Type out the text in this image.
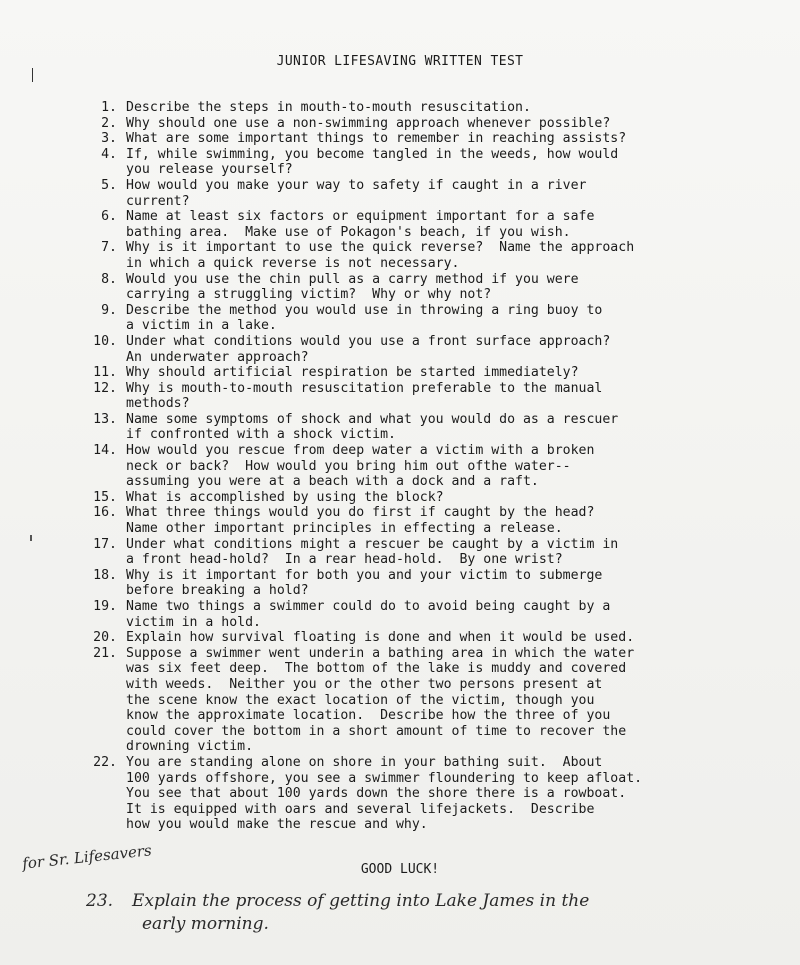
JUNIOR LIFESAVING WRITTEN TEST
1. Describe the steps in mouth-to-mouth resuscitation.
2. Why should one use a non-swimming approach whenever possible?
3. What are some important things to remember in reaching assists?
4. If, while swimming, you become tangled in the weeds, how would
you release yourself?
5. How would you make your way to safety if caught in a river
current?
6. Name at least six factors or equipment important for a safe
bathing area.  Make use of Pokagon's beach, if you wish.
7. Why is it important to use the quick reverse?  Name the approach
in which a quick reverse is not necessary.
8. Would you use the chin pull as a carry method if you were
carrying a struggling victim?  Why or why not?
9. Describe the method you would use in throwing a ring buoy to
a victim in a lake.
10. Under what conditions would you use a front surface approach?
An underwater approach?
11. Why should artificial respiration be started immediately?
12. Why is mouth-to-mouth resuscitation preferable to the manual
methods?
13. Name some symptoms of shock and what you would do as a rescuer
if confronted with a shock victim.
14. How would you rescue from deep water a victim with a broken
neck or back?  How would you bring him out ofthe water--
assuming you were at a beach with a dock and a raft.
15. What is accomplished by using the block?
16. What three things would you do first if caught by the head?
Name other important principles in effecting a release.
17. Under what conditions might a rescuer be caught by a victim in
a front head-hold?  In a rear head-hold.  By one wrist?
18. Why is it important for both you and your victim to submerge
before breaking a hold?
19. Name two things a swimmer could do to avoid being caught by a
victim in a hold.
20. Explain how survival floating is done and when it would be used.
21. Suppose a swimmer went underin a bathing area in which the water
was six feet deep.  The bottom of the lake is muddy and covered
with weeds.  Neither you or the other two persons present at
the scene know the exact location of the victim, though you
know the approximate location.  Describe how the three of you
could cover the bottom in a short amount of time to recover the
drowning victim.
22. You are standing alone on shore in your bathing suit.  About
100 yards offshore, you see a swimmer floundering to keep afloat.
You see that about 100 yards down the shore there is a rowboat.
It is equipped with oars and several lifejackets.  Describe
how you would make the rescue and why.
GOOD LUCK!
for Sr. Lifesavers
23. Explain the process of getting into Lake James in the
early morning.
